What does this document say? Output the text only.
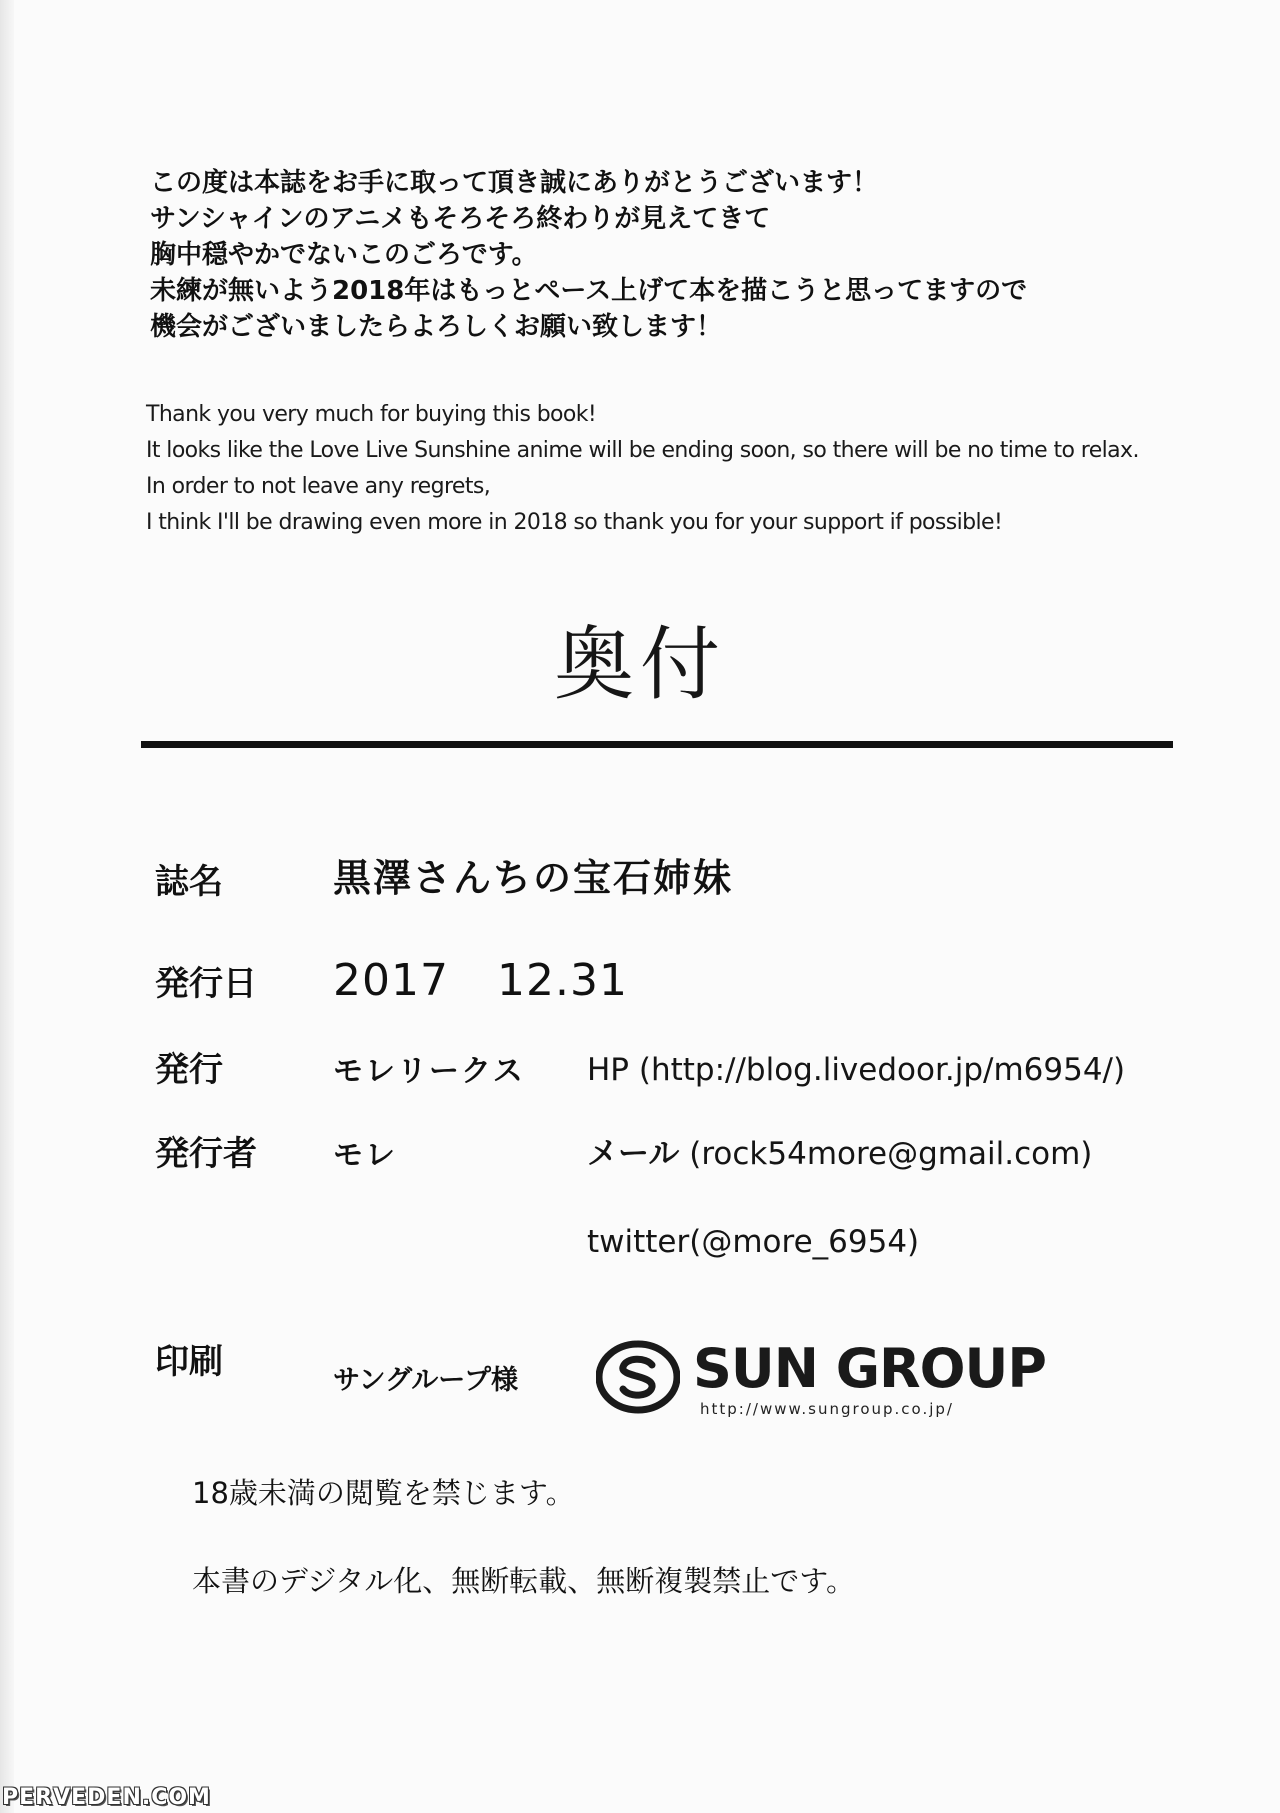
この度は本誌をお手に取って頂き誠にありがとうございます！

サンシャインのアニメもそろそろ終わりが見えてきて

胸中穏やかでないこのごろです。

未練が無いよう2018年はもっとペース上げて本を描こうと思ってますので

機会がございましたらよろしくお願い致します！

Thank you very much for buying this book!
It looks like the Love Live Sunshine anime will be ending soon, so there will be no time to relax.
In order to not leave any regrets,
I think I'll be drawing even more in 2018 so thank you for your support if possible!
奥付
誌名	黒澤さんちの宝石姉妹
発行日 2017 12.31
発行	モレリークス HP (http://blog.livedoor.jp/m6954/)
発行者	モレ	メール (rock54more@gmail.com)
twitter(@more_6954)
印刷	サングループ様	SUN GROUP
http://www.sungroup.co.jp/
18歳未満の閲覧を禁じます。
本書のデジタル化、無断転載、無断複製禁止です。
PERVEDEN.COM
